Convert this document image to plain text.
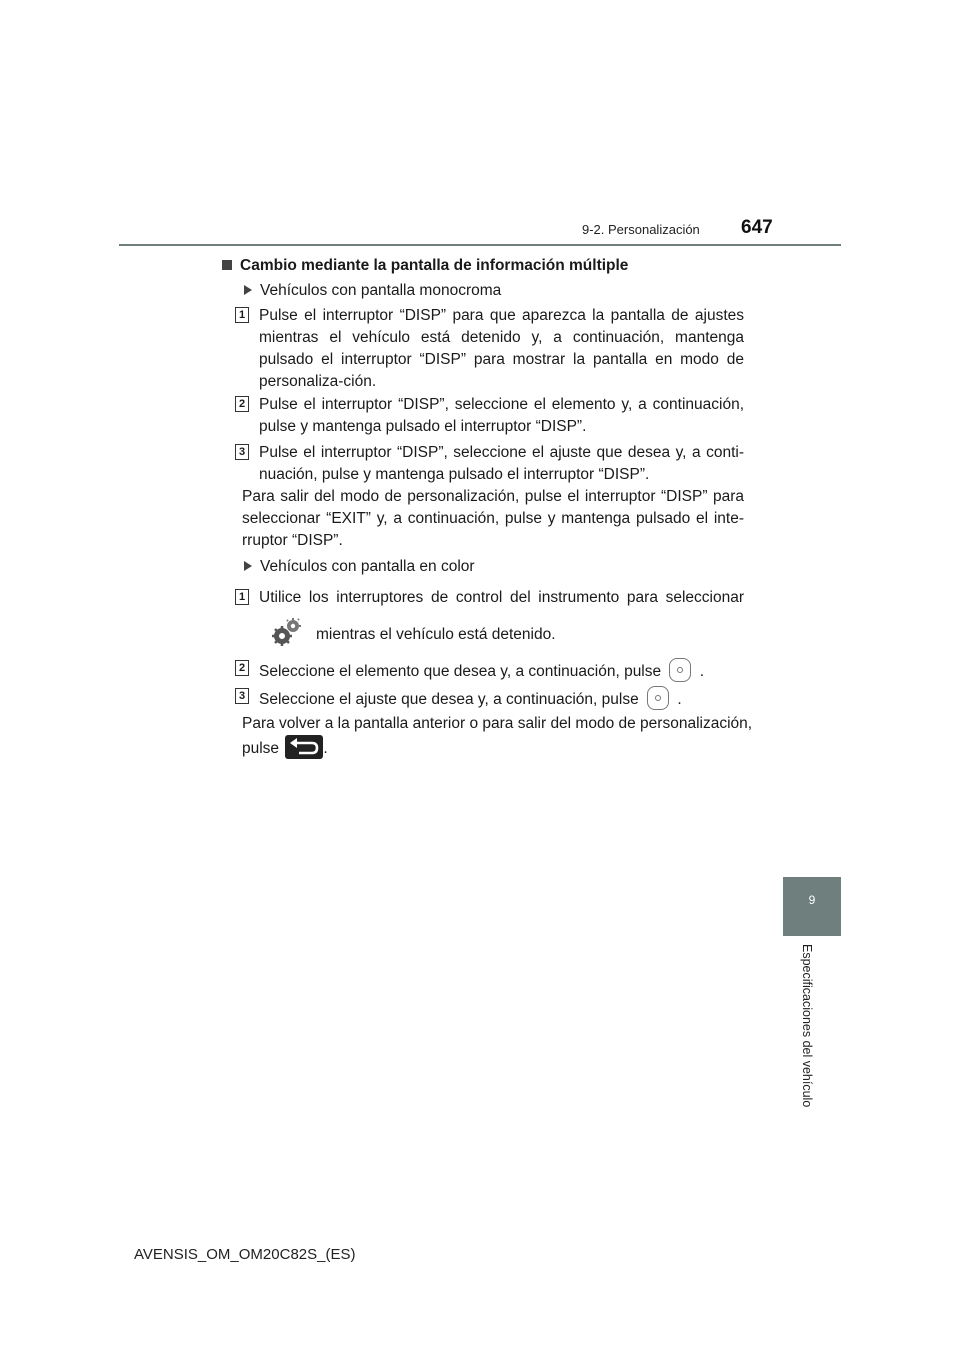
9-2. Personalización 647
Cambio mediante la pantalla de información múltiple
Vehículos con pantalla monocroma
1 Pulse el interruptor “DISP” para que aparezca la pantalla de ajustes mientras el vehículo está detenido y, a continuación, mantenga pulsado el interruptor “DISP” para mostrar la pantalla en modo de personaliza-ción.
2 Pulse el interruptor “DISP”, seleccione el elemento y, a continuación, pulse y mantenga pulsado el interruptor “DISP”.
3 Pulse el interruptor “DISP”, seleccione el ajuste que desea y, a conti-nuación, pulse y mantenga pulsado el interruptor “DISP”.
Para salir del modo de personalización, pulse el interruptor “DISP” para seleccionar “EXIT” y, a continuación, pulse y mantenga pulsado el inte-rruptor “DISP”.
Vehículos con pantalla en color
1 Utilice los interruptores de control del instrumento para seleccionar
mientras el vehículo está detenido.
2 Seleccione el elemento que desea y, a continuación, pulse .
3 Seleccione el ajuste que desea y, a continuación, pulse .
Para volver a la pantalla anterior o para salir del modo de personalización,
pulse	.
9
Especificaciones del vehículo
AVENSIS_OM_OM20C82S_(ES)
